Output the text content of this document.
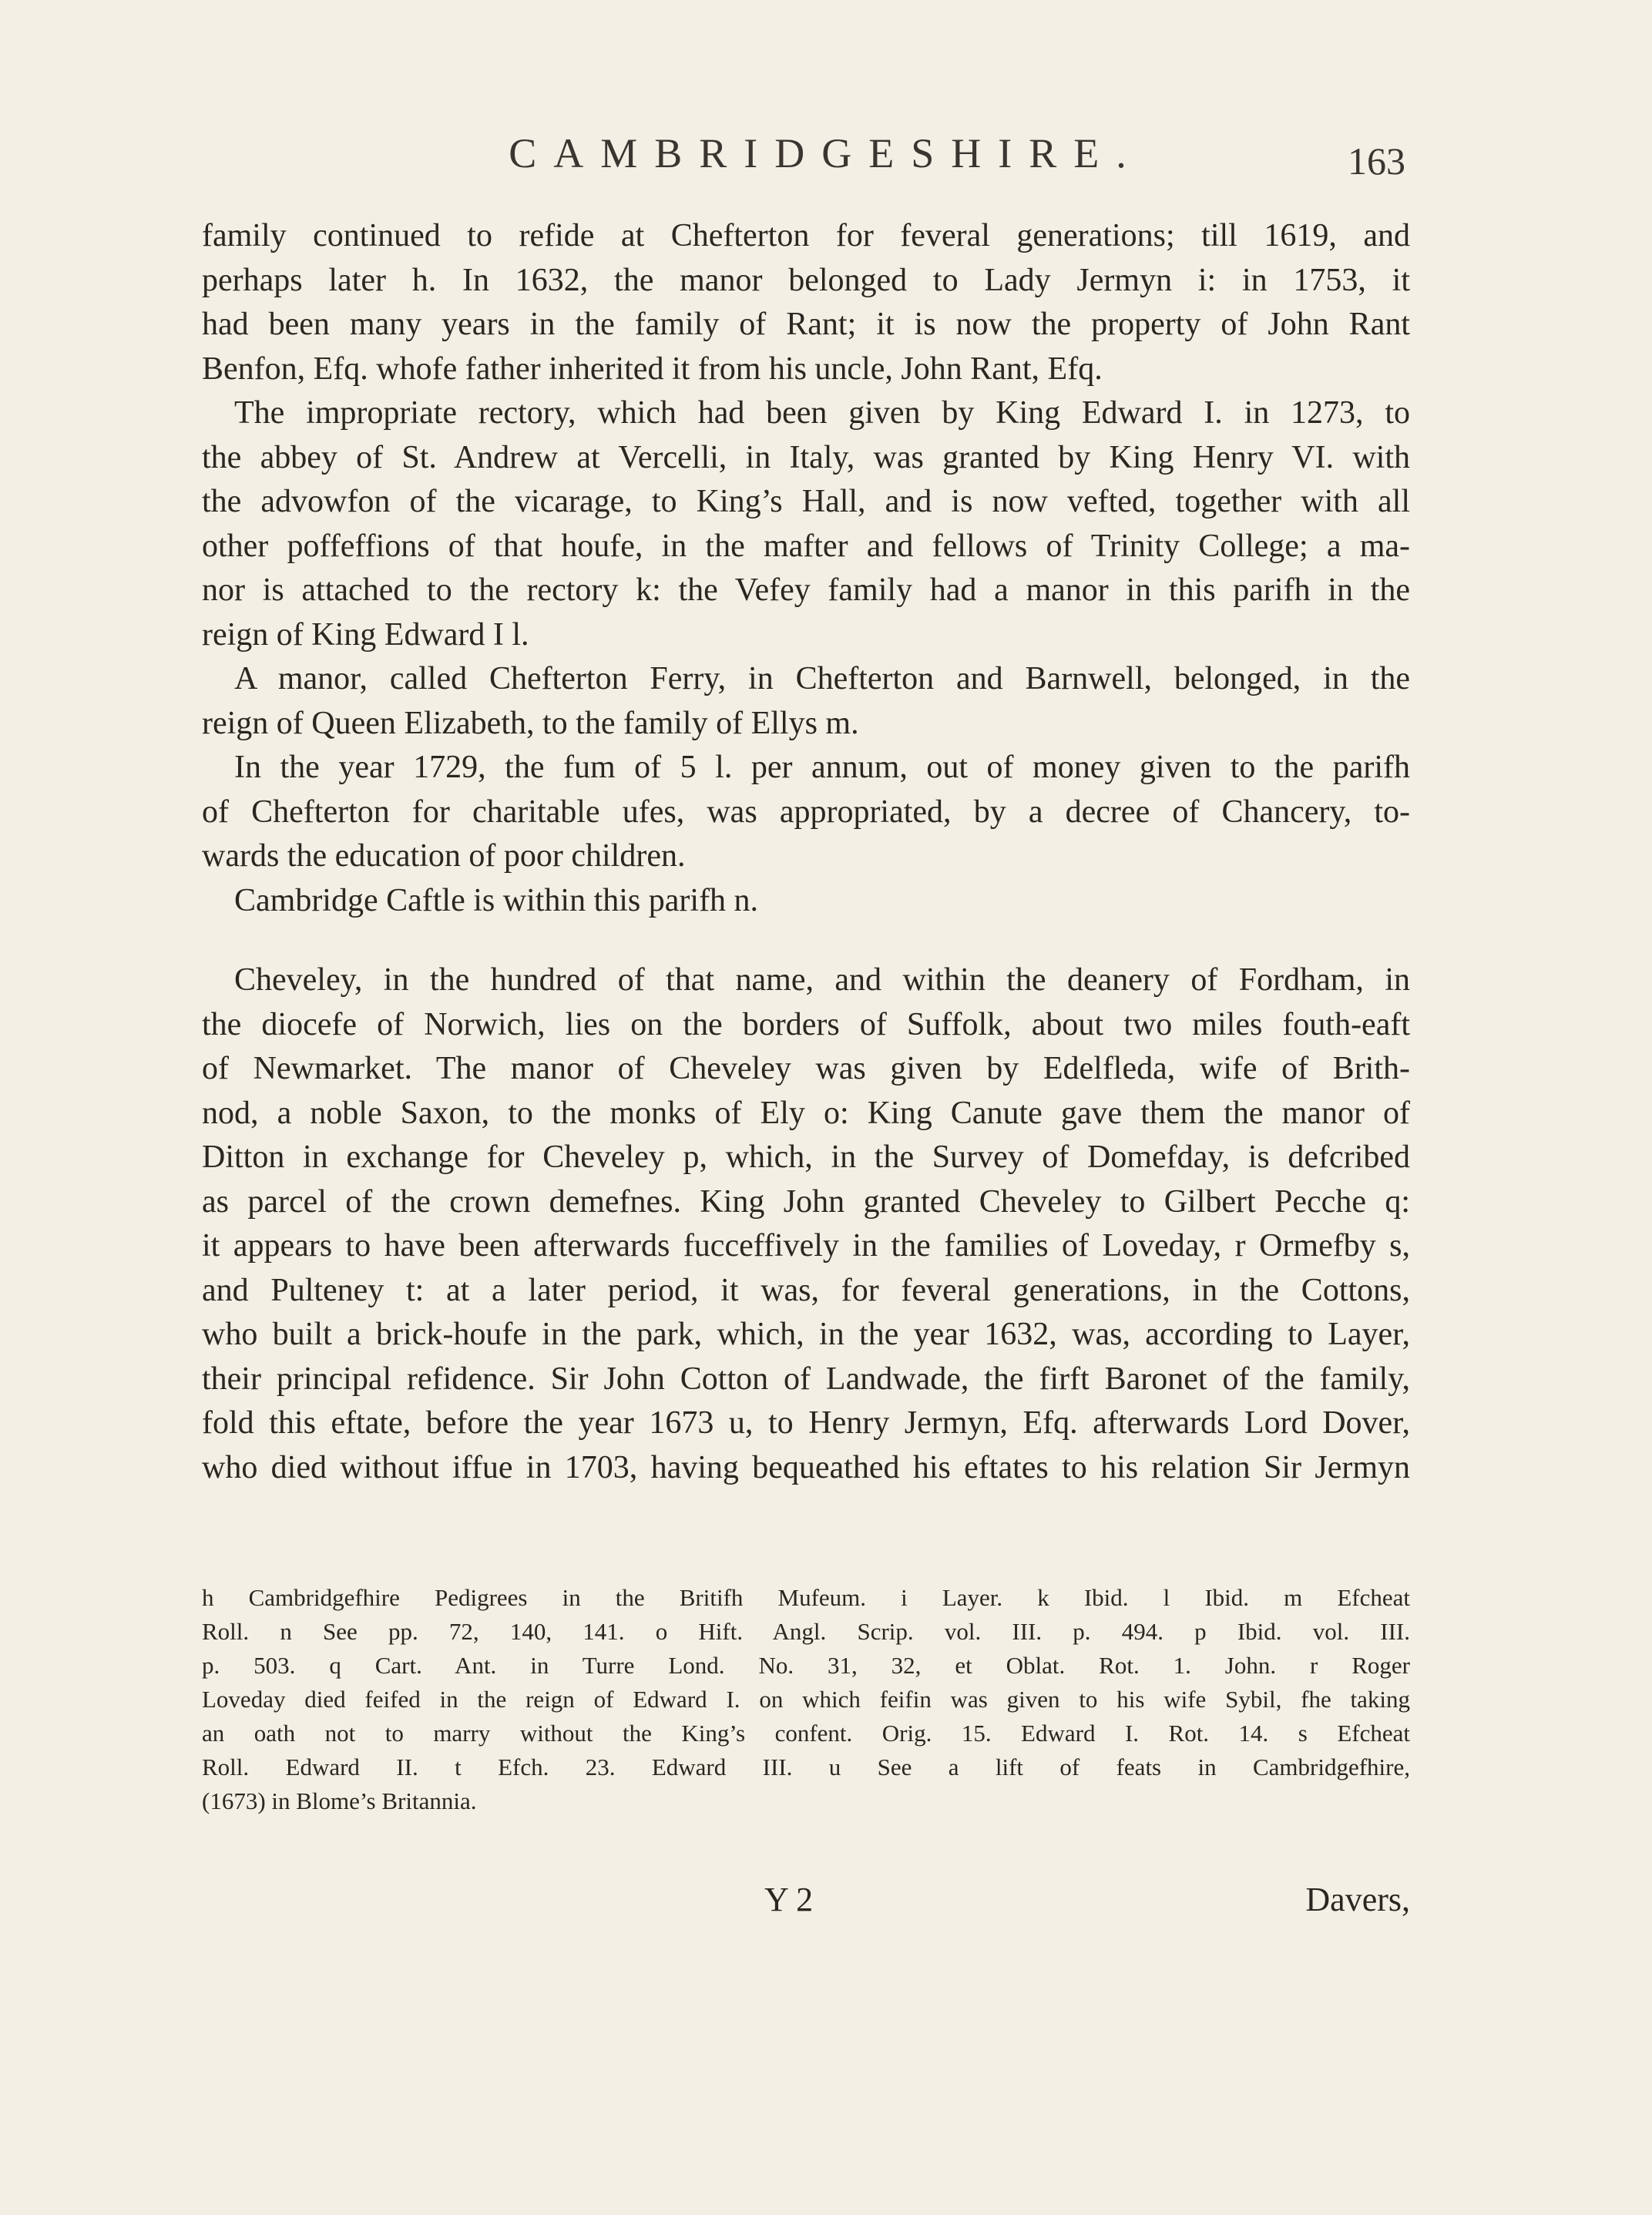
CAMBRIDGESHIRE.	163
family continued to refide at Chefterton for feveral generations; till 1619, and
perhaps later h. In 1632, the manor belonged to Lady Jermyn i: in 1753, it
had been many years in the family of Rant; it is now the property of John Rant
Benfon, Efq. whofe father inherited it from his uncle, John Rant, Efq.
The impropriate rectory, which had been given by King Edward I. in 1273, to
the abbey of St. Andrew at Vercelli, in Italy, was granted by King Henry VI. with
the advowfon of the vicarage, to King’s Hall, and is now vefted, together with all
other poffeffions of that houfe, in the mafter and fellows of Trinity College; a ma-
nor is attached to the rectory k: the Vefey family had a manor in this parifh in the
reign of King Edward I l.
A manor, called Chefterton Ferry, in Chefterton and Barnwell, belonged, in the
reign of Queen Elizabeth, to the family of Ellys m.
In the year 1729, the fum of 5 l. per annum, out of money given to the parifh
of Chefterton for charitable ufes, was appropriated, by a decree of Chancery, to-
wards the education of poor children.
Cambridge Caftle is within this parifh n.
Cheveley, in the hundred of that name, and within the deanery of Fordham, in
the diocefe of Norwich, lies on the borders of Suffolk, about two miles fouth-eaft
of Newmarket. The manor of Cheveley was given by Edelfleda, wife of Brith-
nod, a noble Saxon, to the monks of Ely o: King Canute gave them the manor of
Ditton in exchange for Cheveley p, which, in the Survey of Domefday, is defcribed
as parcel of the crown demefnes. King John granted Cheveley to Gilbert Pecche q:
it appears to have been afterwards fucceffively in the families of Loveday, r Ormefby s,
and Pulteney t: at a later period, it was, for feveral generations, in the Cottons,
who built a brick-houfe in the park, which, in the year 1632, was, according to Layer,
their principal refidence. Sir John Cotton of Landwade, the firft Baronet of the family,
fold this eftate, before the year 1673 u, to Henry Jermyn, Efq. afterwards Lord Dover,
who died without iffue in 1703, having bequeathed his eftates to his relation Sir Jermyn
h Cambridgefhire Pedigrees in the Britifh Mufeum. i Layer. k Ibid. l Ibid. m Efcheat
Roll. n See pp. 72, 140, 141. o Hift. Angl. Scrip. vol. III. p. 494. p Ibid. vol. III.
p. 503. q Cart. Ant. in Turre Lond. No. 31, 32, et Oblat. Rot. 1. John. r Roger
Loveday died feifed in the reign of Edward I. on which feifin was given to his wife Sybil, fhe taking
an oath not to marry without the King’s confent. Orig. 15. Edward I. Rot. 14. s Efcheat
Roll. Edward II. t Efch. 23. Edward III. u See a lift of feats in Cambridgefhire,
(1673) in Blome’s Britannia.
Y 2	Davers,
